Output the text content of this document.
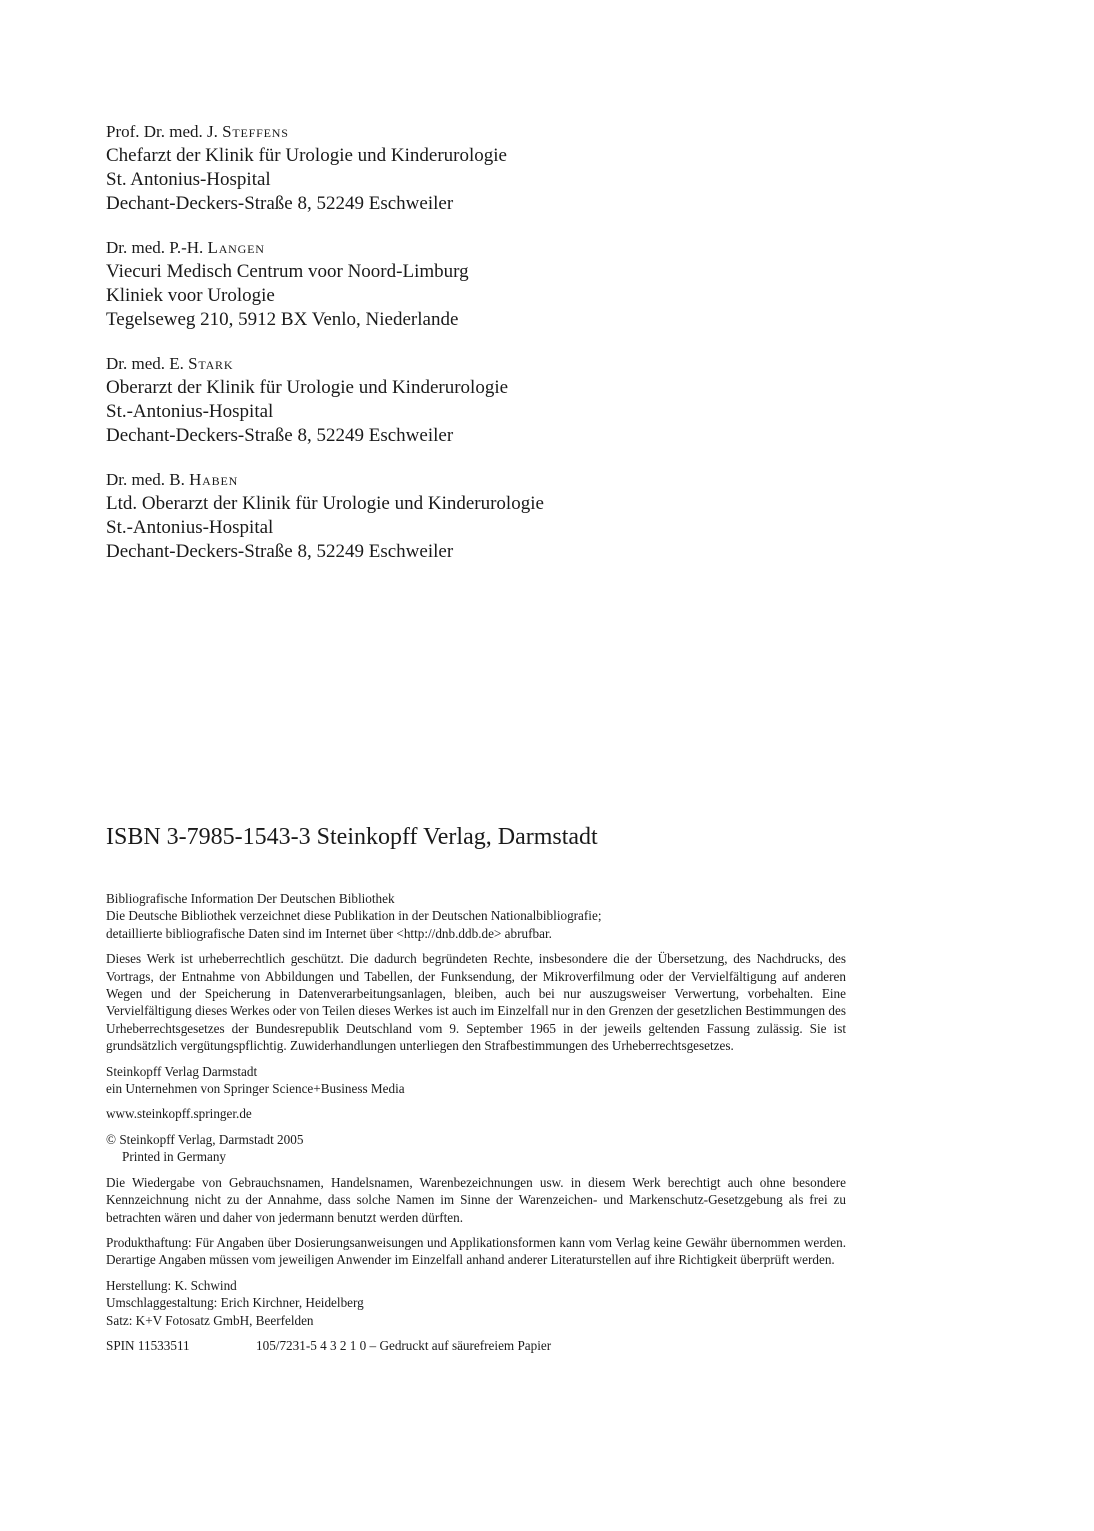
Prof. Dr. med. J. Steffens
Chefarzt der Klinik für Urologie und Kinderurologie
St. Antonius-Hospital
Dechant-Deckers-Straße 8, 52249 Eschweiler
Dr. med. P.-H. Langen
Viecuri Medisch Centrum voor Noord-Limburg
Kliniek voor Urologie
Tegelseweg 210, 5912 BX Venlo, Niederlande
Dr. med. E. Stark
Oberarzt der Klinik für Urologie und Kinderurologie
St.-Antonius-Hospital
Dechant-Deckers-Straße 8, 52249 Eschweiler
Dr. med. B. Haben
Ltd. Oberarzt der Klinik für Urologie und Kinderurologie
St.-Antonius-Hospital
Dechant-Deckers-Straße 8, 52249 Eschweiler
ISBN 3-7985-1543-3 Steinkopff Verlag, Darmstadt

Bibliografische Information Der Deutschen Bibliothek
Die Deutsche Bibliothek verzeichnet diese Publikation in der Deutschen Nationalbibliografie;
detaillierte bibliografische Daten sind im Internet über <http://dnb.ddb.de> abrufbar.

Dieses Werk ist urheberrechtlich geschützt. Die dadurch begründeten Rechte, insbesondere die der Übersetzung, des Nachdrucks, des Vortrags, der Entnahme von Abbildungen und Tabellen, der Funksendung, der Mikroverfilmung oder der Vervielfältigung auf anderen Wegen und der Speicherung in Datenverarbeitungsanlagen, bleiben, auch bei nur auszugsweiser Verwertung, vorbehalten. Eine Vervielfältigung dieses Werkes oder von Teilen dieses Werkes ist auch im Einzelfall nur in den Grenzen der gesetzlichen Bestimmungen des Urheberrechtsgesetzes der Bundesrepublik Deutschland vom 9. September 1965 in der jeweils geltenden Fassung zulässig. Sie ist grundsätzlich vergütungspflichtig. Zuwiderhandlungen unterliegen den Strafbestimmungen des Urheberrechtsgesetzes.

Steinkopff Verlag Darmstadt
ein Unternehmen von Springer Science+Business Media

www.steinkopff.springer.de

© Steinkopff Verlag, Darmstadt 2005
Printed in Germany

Die Wiedergabe von Gebrauchsnamen, Handelsnamen, Warenbezeichnungen usw. in diesem Werk berechtigt auch ohne besondere Kennzeichnung nicht zu der Annahme, dass solche Namen im Sinne der Warenzeichen- und Markenschutz-Gesetzgebung als frei zu betrachten wären und daher von jedermann benutzt werden dürften.

Produkthaftung: Für Angaben über Dosierungsanweisungen und Applikationsformen kann vom Verlag keine Gewähr übernommen werden. Derartige Angaben müssen vom jeweiligen Anwender im Einzelfall anhand anderer Literaturstellen auf ihre Richtigkeit überprüft werden.

Herstellung: K. Schwind
Umschlaggestaltung: Erich Kirchner, Heidelberg
Satz: K+V Fotosatz GmbH, Beerfelden

SPIN 11533511	105/7231-5 4 3 2 1 0 – Gedruckt auf säurefreiem Papier
